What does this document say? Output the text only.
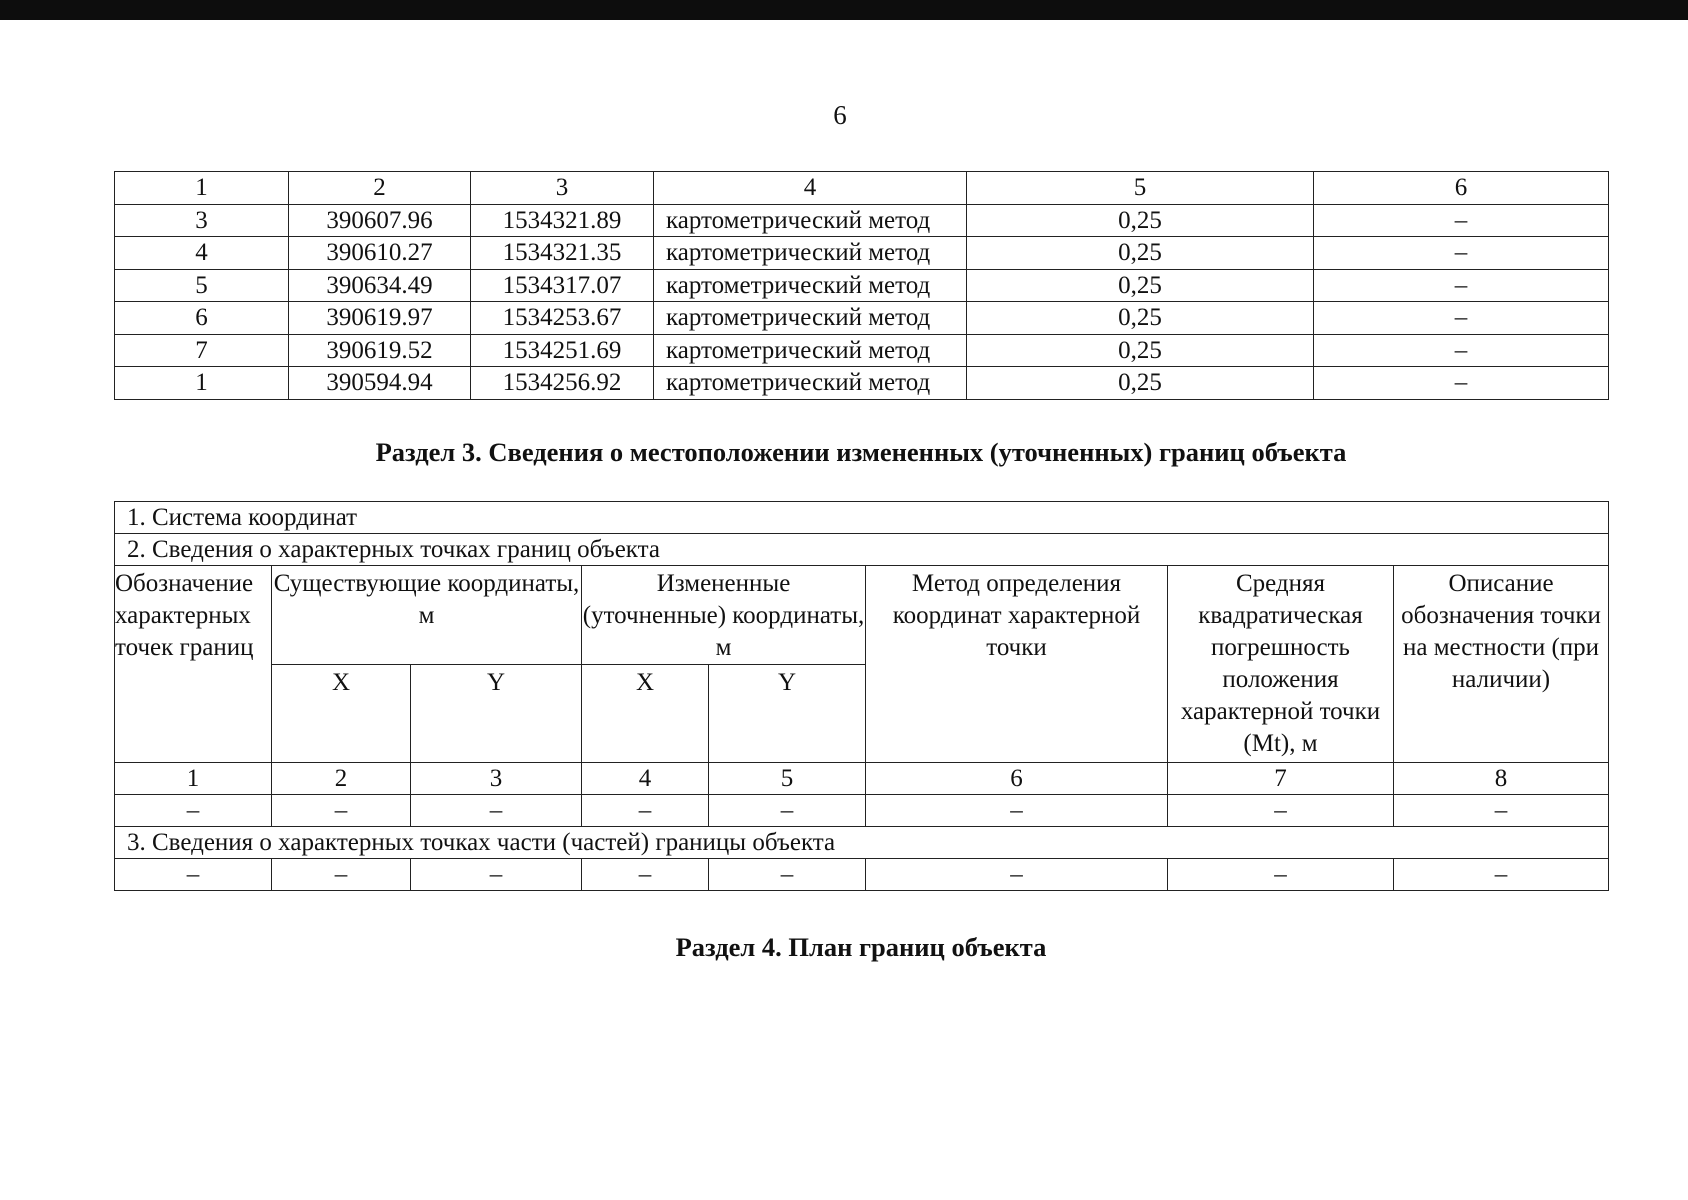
6
1	2	3	4	5	6
3	390607.96	1534321.89	картометрический метод	0,25	–
4	390610.27	1534321.35	картометрический метод	0,25	–
5	390634.49	1534317.07	картометрический метод	0,25	–
6	390619.97	1534253.67	картометрический метод	0,25	–
7	390619.52	1534251.69	картометрический метод	0,25	–
1	390594.94	1534256.92	картометрический метод	0,25	–
Раздел 3. Сведения о местоположении измененных (уточненных) границ объекта
1. Система координат							
2. Сведения о характерных точках границ объекта							
Обозначение характерных точек границ	Существующие координаты, м		Измененные (уточненные) координаты, м		Метод определения координат характерной точки	Средняя квадратическая погрешность положения характерной точки (Mt), м	Описание обозначения точки на местности (при наличии)
	X	Y	X	Y			
1	2	3	4	5	6	7	8
–	–	–	–	–	–	–	–
3. Сведения о характерных точках части (частей) границы объекта							
–	–	–	–	–	–	–	–
Раздел 4. План границ объекта
